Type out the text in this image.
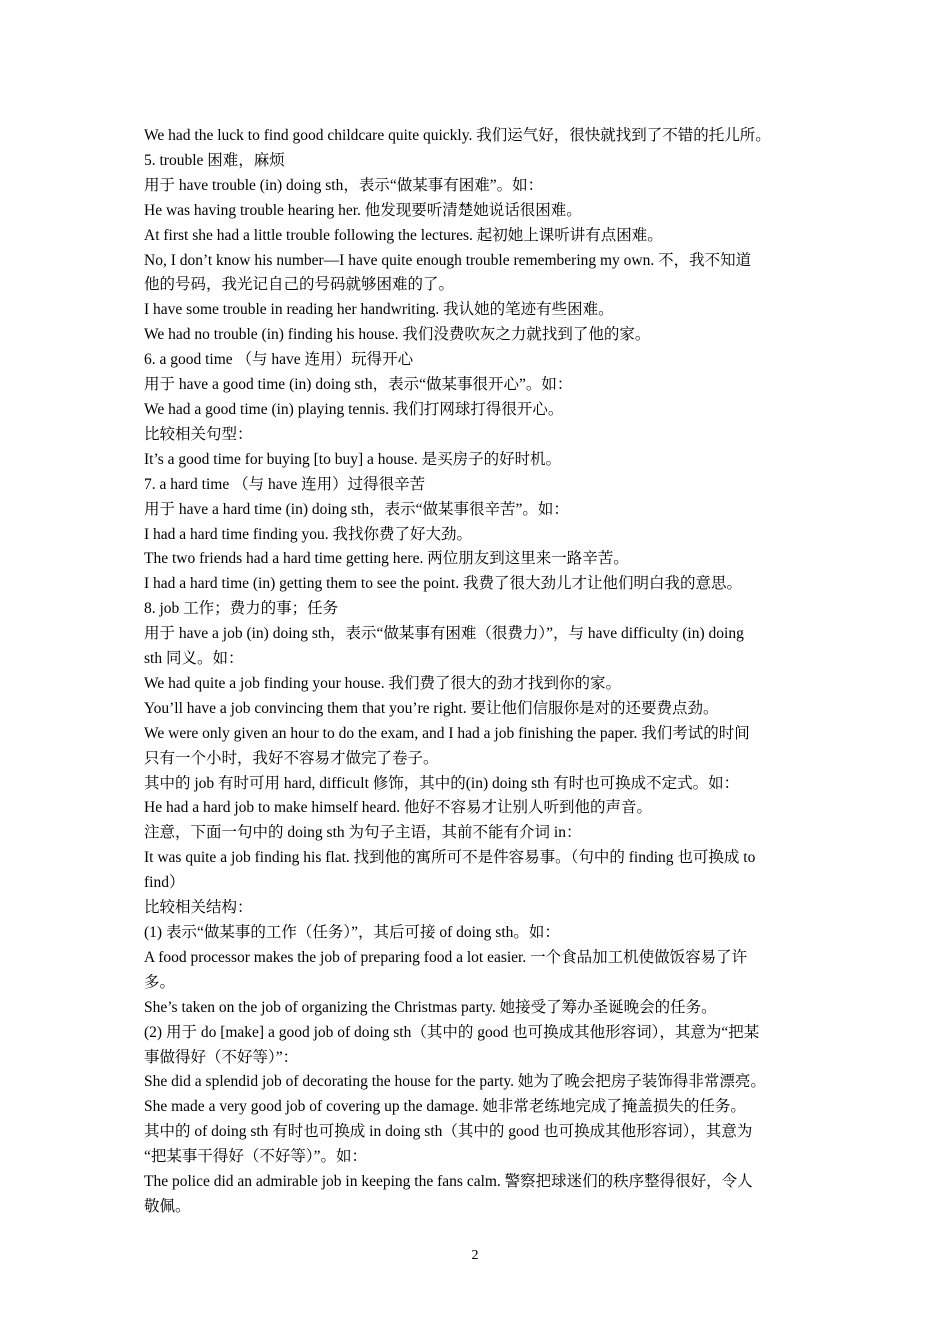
We had the luck to find good childcare quite quickly. 我们运气好，很快就找到了不错的托儿所。
5. trouble 困难，麻烦
用于 have trouble (in) doing sth，表示“做某事有困难”。如：
He was having trouble hearing her. 他发现要听清楚她说话很困难。
At first she had a little trouble following the lectures. 起初她上课听讲有点困难。
No, I don’t know his number—I have quite enough trouble remembering my own. 不，我不知道
他的号码，我光记自己的号码就够困难的了。
I have some trouble in reading her handwriting. 我认她的笔迹有些困难。
We had no trouble (in) finding his house. 我们没费吹灰之力就找到了他的家。
6. a good time （与 have 连用）玩得开心
用于 have a good time (in) doing sth，表示“做某事很开心”。如：
We had a good time (in) playing tennis. 我们打网球打得很开心。
比较相关句型：
It’s a good time for buying [to buy] a house. 是买房子的好时机。
7. a hard time （与 have 连用）过得很辛苦
用于 have a hard time (in) doing sth，表示“做某事很辛苦”。如：
I had a hard time finding you. 我找你费了好大劲。
The two friends had a hard time getting here. 两位朋友到这里来一路辛苦。
I had a hard time (in) getting them to see the point. 我费了很大劲儿才让他们明白我的意思。
8. job 工作；费力的事；任务
用于 have a job (in) doing sth，表示“做某事有困难（很费力）”，与 have difficulty (in) doing
sth 同义。如：
We had quite a job finding your house. 我们费了很大的劲才找到你的家。
You’ll have a job convincing them that you’re right. 要让他们信服你是对的还要费点劲。
We were only given an hour to do the exam, and I had a job finishing the paper. 我们考试的时间
只有一个小时，我好不容易才做完了卷子。
其中的 job 有时可用 hard, difficult 修饰，其中的(in) doing sth 有时也可换成不定式。如：
He had a hard job to make himself heard. 他好不容易才让别人听到他的声音。
注意，下面一句中的 doing sth 为句子主语，其前不能有介词 in：
It was quite a job finding his flat. 找到他的寓所可不是件容易事。（句中的 finding 也可换成 to
find）
比较相关结构：
(1) 表示“做某事的工作（任务）”，其后可接 of doing sth。如：
A food processor makes the job of preparing food a lot easier. 一个食品加工机使做饭容易了许
多。
She’s taken on the job of organizing the Christmas party. 她接受了筹办圣诞晚会的任务。
(2) 用于 do [make] a good job of doing sth（其中的 good 也可换成其他形容词），其意为“把某
事做得好（不好等）”：
She did a splendid job of decorating the house for the party. 她为了晚会把房子装饰得非常漂亮。
She made a very good job of covering up the damage. 她非常老练地完成了掩盖损失的任务。
其中的 of doing sth 有时也可换成 in doing sth（其中的 good 也可换成其他形容词），其意为
“把某事干得好（不好等）”。如：
The police did an admirable job in keeping the fans calm. 警察把球迷们的秩序整得很好，令人
敬佩。
2
